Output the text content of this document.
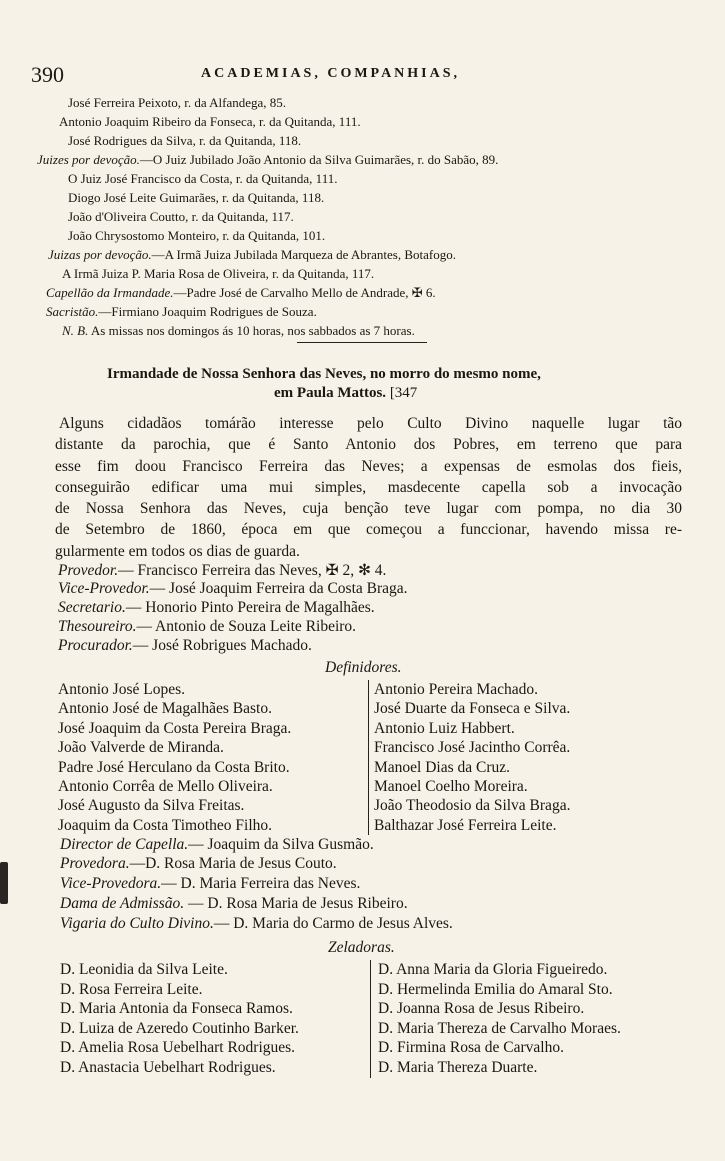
390	ACADEMIAS, COMPANHIAS,
José Ferreira Peixoto, r. da Alfandega, 85.
Antonio Joaquim Ribeiro da Fonseca, r. da Quitanda, 111.
José Rodrigues da Silva, r. da Quitanda, 118.
Juizes por devoção.—O Juiz Jubilado João Antonio da Silva Guimarães, r. do Sabão, 89.
O Juiz José Francisco da Costa, r. da Quitanda, 111.
Diogo José Leite Guimarães, r. da Quitanda, 118.
João d'Oliveira Coutto, r. da Quitanda, 117.
João Chrysostomo Monteiro, r. da Quitanda, 101.
Juizas por devoção.—A Irmã Juiza Jubilada Marqueza de Abrantes, Botafogo.
A Irmã Juiza P. Maria Rosa de Oliveira, r. da Quitanda, 117.
Capellão da Irmandade.—Padre José de Carvalho Mello de Andrade, ✠ 6.
Sacristão.—Firmiano Joaquim Rodrigues de Souza.
N. B. As missas nos domingos ás 10 horas, nos sabbados as 7 horas.
Irmandade de Nossa Senhora das Neves, no morro do mesmo nome,
em Paula Mattos. [347
Alguns cidadãos tomárão interesse pelo Culto Divino naquelle lugar tão
distante da parochia, que é Santo Antonio dos Pobres, em terreno que para
esse fim doou Francisco Ferreira das Neves; a expensas de esmolas dos fieis,
conseguirão edificar uma mui simples, masdecente capella sob a invocação
de Nossa Senhora das Neves, cuja benção teve lugar com pompa, no dia 30
de Setembro de 1860, época em que começou a funccionar, havendo missa re-
gularmente em todos os dias de guarda.
Provedor.— Francisco Ferreira das Neves, ✠ 2, ✻ 4.
Vice-Provedor.— José Joaquim Ferreira da Costa Braga.
Secretario.— Honorio Pinto Pereira de Magalhães.
Thesoureiro.— Antonio de Souza Leite Ribeiro.
Procurador.— José Robrigues Machado.
Definidores.
Antonio José Lopes.
Antonio José de Magalhães Basto.
José Joaquim da Costa Pereira Braga.
João Valverde de Miranda.
Padre José Herculano da Costa Brito.
Antonio Corrêa de Mello Oliveira.
José Augusto da Silva Freitas.
Joaquim da Costa Timotheo Filho.
Antonio Pereira Machado.
José Duarte da Fonseca e Silva.
Antonio Luiz Habbert.
Francisco José Jacintho Corrêa.
Manoel Dias da Cruz.
Manoel Coelho Moreira.
João Theodosio da Silva Braga.
Balthazar José Ferreira Leite.
Director de Capella.— Joaquim da Silva Gusmão.
Provedora.—D. Rosa Maria de Jesus Couto.
Vice-Provedora.— D. Maria Ferreira das Neves.
Dama de Admissão. — D. Rosa Maria de Jesus Ribeiro.
Vigaria do Culto Divino.— D. Maria do Carmo de Jesus Alves.
Zeladoras.
D. Leonidia da Silva Leite.
D. Rosa Ferreira Leite.
D. Maria Antonia da Fonseca Ramos.
D. Luiza de Azeredo Coutinho Barker.
D. Amelia Rosa Uebelhart Rodrigues.
D. Anastacia Uebelhart Rodrigues.
D. Anna Maria da Gloria Figueiredo.
D. Hermelinda Emilia do Amaral Sto.
D. Joanna Rosa de Jesus Ribeiro.
D. Maria Thereza de Carvalho Moraes.
D. Firmina Rosa de Carvalho.
D. Maria Thereza Duarte.
